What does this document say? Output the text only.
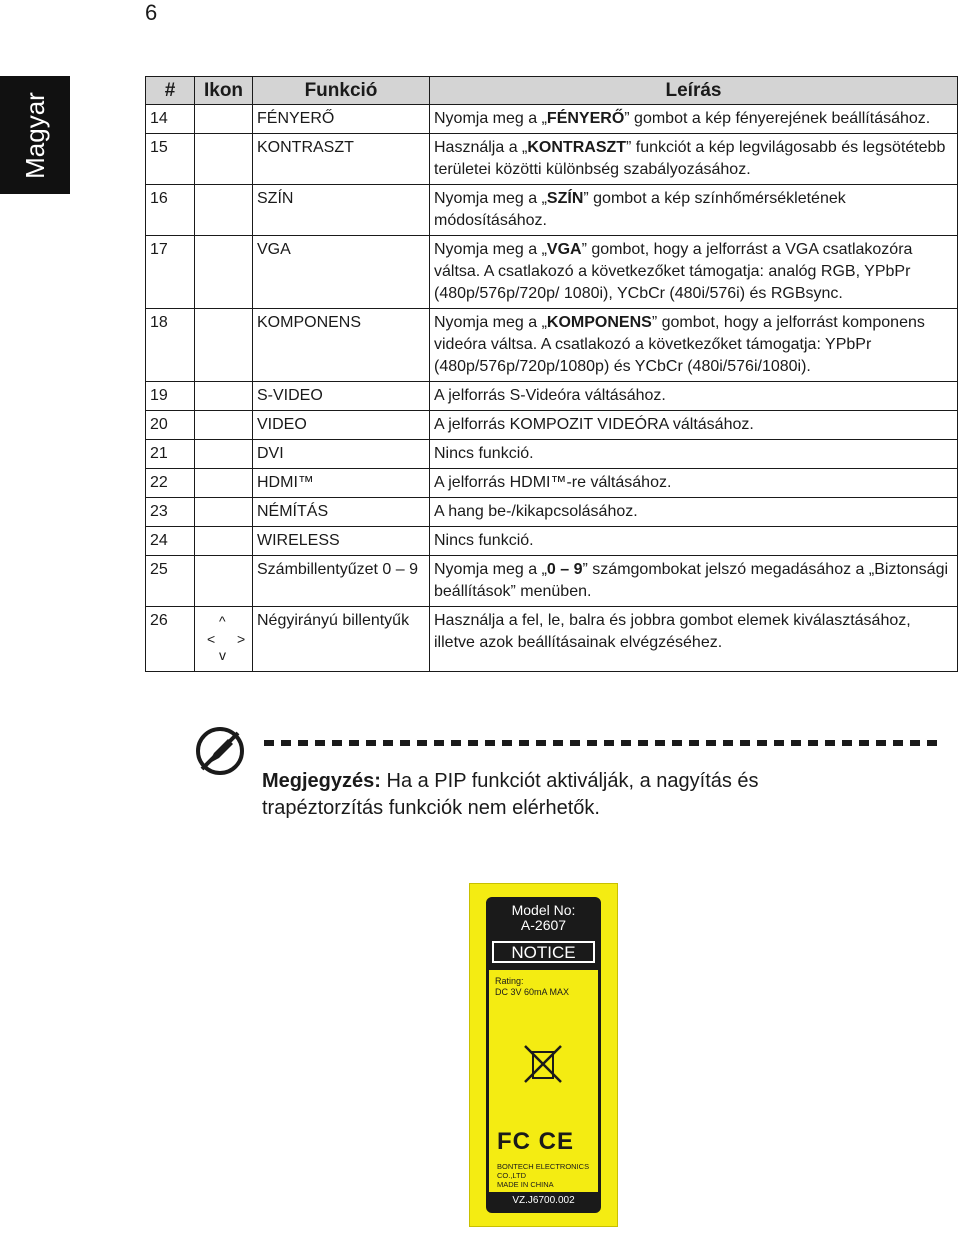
6
Magyar
#	Ikon	Funkció	Leírás
14		FÉNYERŐ	Nyomja meg a „FÉNYERŐ” gombot a kép fényerejének beállításához.
15		KONTRASZT	Használja a „KONTRASZT” funkciót a kép legvilágosabb és legsötétebb területei közötti különbség szabályozásához.
16		SZÍN	Nyomja meg a „SZÍN” gombot a kép színhőmérsékletének módosításához.
17		VGA	Nyomja meg a „VGA” gombot, hogy a jelforrást a VGA csatlakozóra váltsa. A csatlakozó a következőket támogatja: analóg RGB, YPbPr (480p/576p/720p/ 1080i), YCbCr (480i/576i) és RGBsync.
18		KOMPONENS	Nyomja meg a „KOMPONENS” gombot, hogy a jelforrást komponens videóra váltsa. A csatlakozó a következőket támogatja: YPbPr (480p/576p/720p/1080p) és YCbCr (480i/576i/1080i).
19		S-VIDEO	A jelforrás S-Videóra váltásához.
20		VIDEO	A jelforrás KOMPOZIT VIDEÓRA váltásához.
21		DVI	Nincs funkció.
22		HDMI™	A jelforrás HDMI™-re váltásához.
23		NÉMÍTÁS	A hang be-/kikapcsolásához.
24		WIRELESS	Nincs funkció.
25		Számbillentyűzet 0 – 9	Nyomja meg a „0 – 9” számgombokat jelszó megadásához a „Biztonsági beállítások” menüben.
26	^
< >
v	Négyirányú billentyűk	Használja a fel, le, balra és jobbra gombot elemek kiválasztásához, illetve azok beállításainak elvégzéséhez.
Megjegyzés: Ha a PIP funkciót aktiválják, a nagyítás és trapéztorzítás funkciók nem elérhetők.
Model No:
A-2607
NOTICE
Rating:
DC 3V 60mA MAX
FC CE
BONTECH ELECTRONICS
CO.,LTD
MADE IN CHINA
VZ.J6700.002
